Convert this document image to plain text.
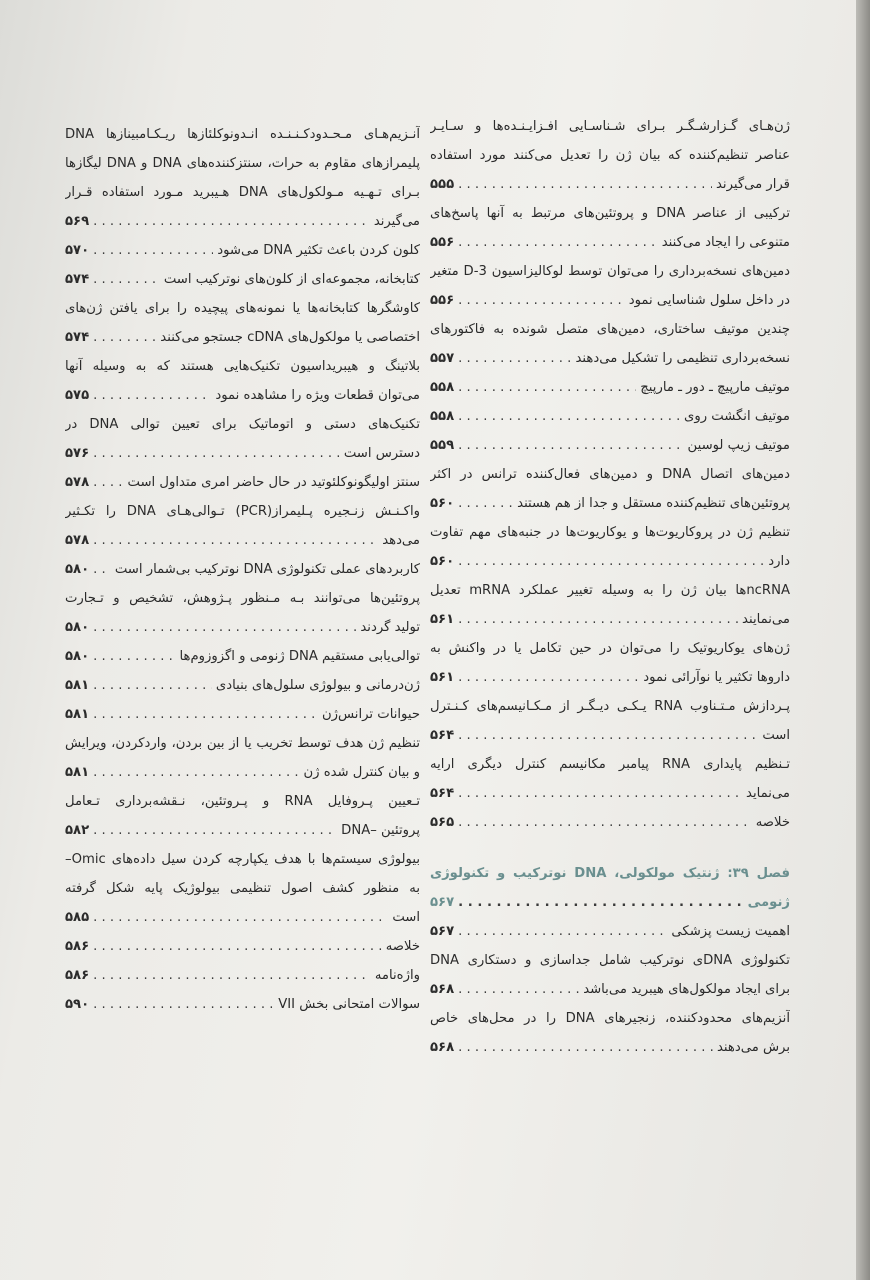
ژن‌هـای گـزارشـگـر بـرای شـناسـایی افـزایـنـده‌ها و سـایـر
عناصر تنظیم‌کننده که بیان ژن را تعدیل می‌کنند مورد استفاده
قرار می‌گیرند
. . .
۵۵۵
ترکیبی از عناصر DNA و پروتئین‌های مرتبط به آنها پاسخ‌های
متنوعی را ایجاد می‌کنند
. . .
۵۵۶
دمین‌های نسخه‌برداری را می‌توان توسط لوکالیزاسیون 3-D متغیر
در داخل سلول شناسایی نمود
. . .
۵۵۶
چندین موتیف ساختاری، دمین‌های متصل شونده به فاکتورهای
نسخه‌برداری تنظیمی را تشکیل می‌دهند
. . .
۵۵۷
موتیف مارپیچ ـ دور ـ مارپیچ
. . .
۵۵۸
موتیف انگشت روی
. . .
۵۵۸
موتیف زیپ لوسین
. . .
۵۵۹
دمین‌های اتصال DNA و دمین‌های فعال‌کننده ترانس در اکثر
پروتئین‌های تنظیم‌کننده مستقل و جدا از هم هستند
. . .
۵۶۰
تنظیم ژن در پروکاریوت‌ها و یوکاریوت‌ها در جنبه‌های مهم تفاوت
دارد
. . .
۵۶۰
ncRNAها بیان ژن را به وسیله تغییر عملکرد mRNA تعدیل
می‌نمایند
. . .
۵۶۱
ژن‌های یوکاریوتیک را می‌توان در حین تکامل یا در واکنش به
داروها تکثیر یا نوآرائی نمود
. . .
۵۶۱
پـردازش مـتـناوب RNA یـکـی دیـگـر از مـکـانیسم‌های کـنـترل
است
. . .
۵۶۴
تـنظیم پایداری RNA پیامبر مکانیسم کنترل دیگری ارایه
می‌نماید
. . .
۵۶۴
خلاصه
. . .
۵۶۵
فصل ۳۹: ژنتیک مولکولی، DNA نوترکیب و تکنولوژی
ژنومی
. . .
۵۶۷
اهمیت زیست پزشکی
. . .
۵۶۷
تکنولوژی DNAی نوترکیب شامل جداسازی و دستکاری DNA
برای ایجاد مولکول‌های هیبرید می‌باشد
. . .
۵۶۸
آنزیم‌های محدودکننده، زنجیرهای DNA را در محل‌های خاص
برش می‌دهند
. . .
۵۶۸
آنـزیم‌هـای مـحـدودکـنـنـده انـدونوکلئازها ریـکـامبینازها DNA
پلیمرازهای مقاوم به حرات، سنتزکننده‌های DNA و DNA لیگازها
بـرای تـهـیه مـولکول‌های DNA هـیبرید مـورد استفاده قـرار
می‌گیرند
. . .
۵۶۹
کلون کردن باعث تکثیر DNA می‌شود
. . .
۵۷۰
کتابخانه، مجموعه‌ای از کلون‌های نوترکیب است
. . .
۵۷۴
کاوشگرها کتابخانه‌ها یا نمونه‌های پیچیده را برای یافتن ژن‌های
اختصاصی یا مولکول‌های cDNA جستجو می‌کنند
. . .
۵۷۴
بلاتینگ و هیبریداسیون تکنیک‌هایی هستند که به وسیله آنها
می‌توان قطعات ویژه را مشاهده نمود
. . .
۵۷۵
تکنیک‌های دستی و اتوماتیک برای تعیین توالی DNA در
دسترس است
. . .
۵۷۶
سنتز اولیگونوکلئوتید در حال حاضر امری متداول است
. . .
۵۷۸
واکـنـش زنـجیره پـلیمراز(PCR) تـوالی‌هـای DNA را تکـثیر
می‌دهد
. . .
۵۷۸
کاربردهای عملی تکنولوژی DNA نوترکیب بی‌شمار است
. . .
۵۸۰
پروتئین‌ها می‌توانند بـه مـنظور پـژوهش، تشخیص و تـجارت
تولید گردند
. . .
۵۸۰
توالی‌یابی مستقیم DNA ژنومی و اگزوزوم‌ها
. . .
۵۸۰
ژن‌درمانی و بیولوژی سلول‌های بنیادی
. . .
۵۸۱
حیوانات ترانس‌ژن
. . .
۵۸۱
تنظیم ژن هدف توسط تخریب یا از بین بردن، واردکردن، ویرایش
و بیان کنترل شده ژن
. . .
۵۸۱
تـعیین پـروفایل RNA و پـروتئین، نـقشه‌برداری تـعامل
پروتئین –DNA
. . .
۵۸۲
بیولوژی سیستم‌ها با هدف یکپارچه کردن سیل داده‌های Omic–
به منظور کشف اصول تنظیمی بیولوژیک پایه شکل گرفته
است
. . .
۵۸۵
خلاصه
. . .
۵۸۶
واژه‌نامه
. . .
۵۸۶
سوالات امتحانی بخش VII
. . .
۵۹۰
